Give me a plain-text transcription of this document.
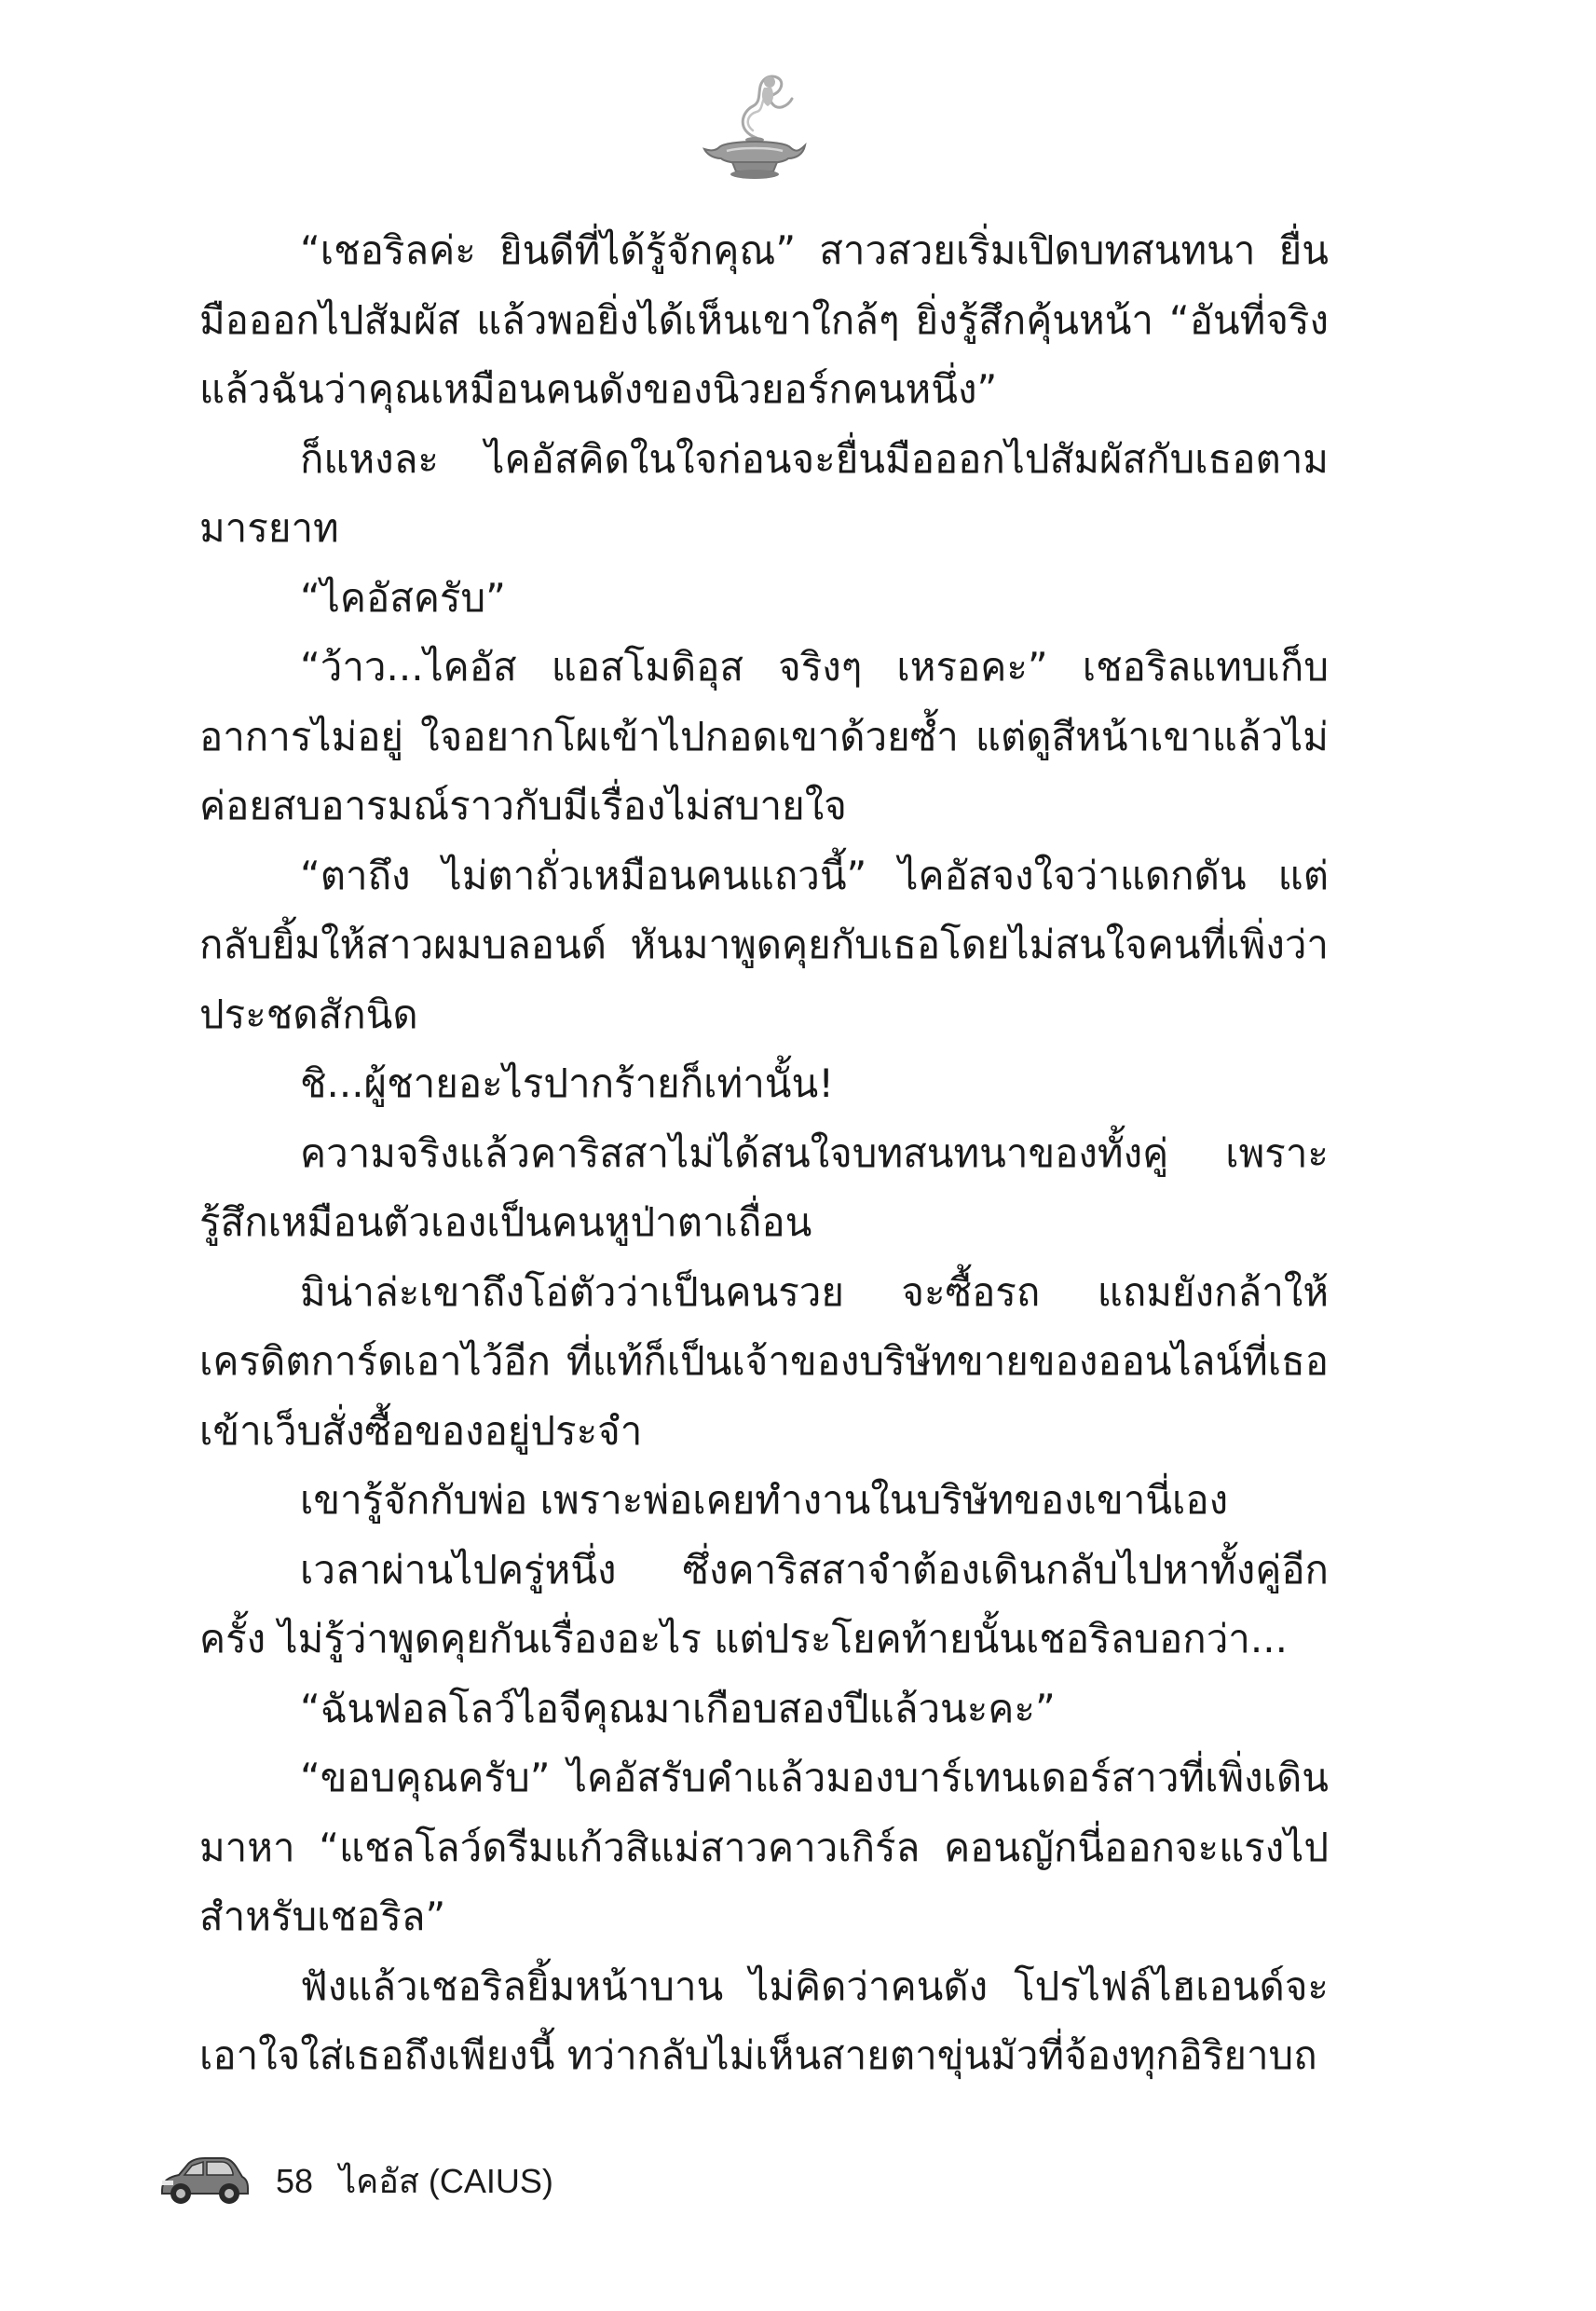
“เชอริลค่ะ ยินดีที่ได้รู้จักคุณ” สาวสวยเริ่มเปิดบทสนทนา ยื่นมือออกไปสัมผัส แล้วพอยิ่งได้เห็นเขาใกล้ๆ ยิ่งรู้สึกคุ้นหน้า “อันที่จริงแล้วฉันว่าคุณเหมือนคนดังของนิวยอร์กคนหนึ่ง”

ก็แหงละ ไคอัสคิดในใจก่อนจะยื่นมือออกไปสัมผัสกับเธอตามมารยาท

“ไคอัสครับ”

“ว้าว...ไคอัส แอสโมดิอุส จริงๆ เหรอคะ” เชอริลแทบเก็บอาการไม่อยู่ ใจอยากโผเข้าไปกอดเขาด้วยซ้ำ แต่ดูสีหน้าเขาแล้วไม่ค่อยสบอารมณ์ราวกับมีเรื่องไม่สบายใจ

“ตาถึง ไม่ตาถั่วเหมือนคนแถวนี้” ไคอัสจงใจว่าแดกดัน แต่กลับยิ้มให้สาวผมบลอนด์ หันมาพูดคุยกับเธอโดยไม่สนใจคนที่เพิ่งว่าประชดสักนิด

ชิ...ผู้ชายอะไรปากร้ายก็เท่านั้น!

ความจริงแล้วคาริสสาไม่ได้สนใจบทสนทนาของทั้งคู่ เพราะรู้สึกเหมือนตัวเองเป็นคนหูป่าตาเถื่อน

มิน่าล่ะเขาถึงโอ่ตัวว่าเป็นคนรวย จะซื้อรถ แถมยังกล้าให้เครดิตการ์ดเอาไว้อีก ที่แท้ก็เป็นเจ้าของบริษัทขายของออนไลน์ที่เธอเข้าเว็บสั่งซื้อของอยู่ประจำ

เขารู้จักกับพ่อ เพราะพ่อเคยทำงานในบริษัทของเขานี่เอง

เวลาผ่านไปครู่หนึ่ง ซึ่งคาริสสาจำต้องเดินกลับไปหาทั้งคู่อีกครั้ง ไม่รู้ว่าพูดคุยกันเรื่องอะไร แต่ประโยคท้ายนั้นเชอริลบอกว่า...

“ฉันฟอลโลว์ไอจีคุณมาเกือบสองปีแล้วนะคะ”

“ขอบคุณครับ” ไคอัสรับคำแล้วมองบาร์เทนเดอร์สาวที่เพิ่งเดินมาหา “แชลโลว์ดรีมแก้วสิแม่สาวคาวเกิร์ล คอนญักนี่ออกจะแรงไปสำหรับเชอริล”

ฟังแล้วเชอริลยิ้มหน้าบาน ไม่คิดว่าคนดัง โปรไฟล์ไฮเอนด์จะเอาใจใส่เธอถึงเพียงนี้ ทว่ากลับไม่เห็นสายตาขุ่นมัวที่จ้องทุกอิริยาบถ

58 ไคอัส (CAIUS)
